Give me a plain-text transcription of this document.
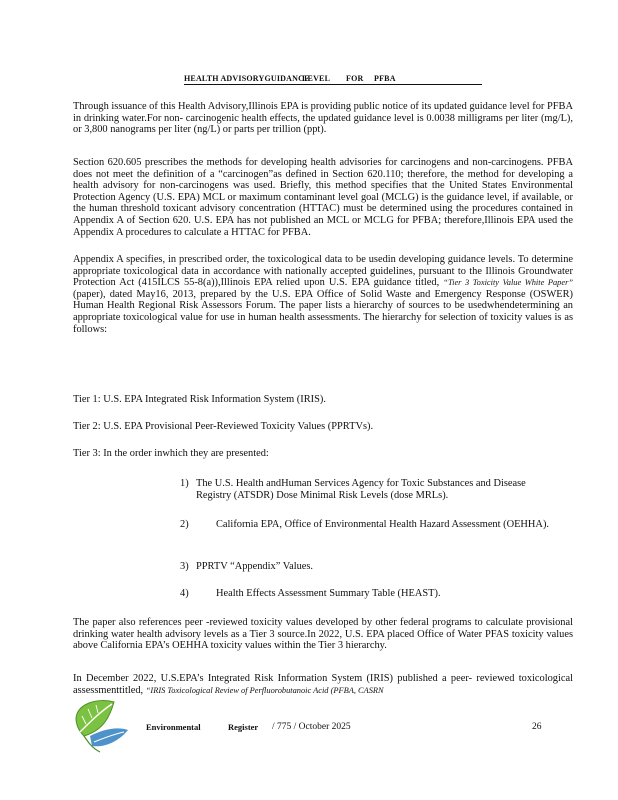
HEALTH ADVISORYGUIDANCELEVEL FOR PFBA

Through issuance of this Health Advisory,Illinois EPA is providing public notice of its updated guidance level for PFBA in drinking water.For non- carcinogenic health effects, the updated guidance level is 0.0038 milligrams per liter (mg/L), or 3,800 nanograms per liter (ng/L) or parts per trillion (ppt).

Section 620.605 prescribes the methods for developing health advisories for carcinogens and non-carcinogens. PFBA does not meet the definition of a “carcinogen”as defined in Section 620.110; therefore, the method for developing a health advisory for non-carcinogens was used. Briefly, this method specifies that the United States Environmental Protection Agency (U.S. EPA) MCL or maximum contaminant level goal (MCLG) is the guidance level, if available, or the human threshold toxicant advisory concentration (HTTAC) must be determined using the procedures contained in Appendix A of Section 620. U.S. EPA has not published an MCL or MCLG for PFBA; therefore,Illinois EPA used the Appendix A procedures to calculate a HTTAC for PFBA.

Appendix A specifies, in prescribed order, the toxicological data to be usedin developing guidance levels. To determine appropriate toxicological data in accordance with nationally accepted guidelines, pursuant to the Illinois Groundwater Protection Act (415ILCS 55-8(a)),Illinois EPA relied upon U.S. EPA guidance titled, “Tier 3 Toxicity Value White Paper” (paper), dated May16, 2013, prepared by the U.S. EPA Office of Solid Waste and Emergency Response (OSWER) Human Health Regional Risk Assessors Forum. The paper lists a hierarchy of sources to be usedwhendetermining an appropriate toxicological value for use in human health assessments. The hierarchy for selection of toxicity values is as follows:

Tier 1: U.S. EPA Integrated Risk Information System (IRIS).
Tier 2: U.S. EPA Provisional Peer-Reviewed Toxicity Values (PPRTVs).
Tier 3: In the order inwhich they are presented:
1) The U.S. Health andHuman Services Agency for Toxic Substances and Disease Registry (ATSDR) Dose Minimal Risk Levels (dose MRLs).
2)	California EPA, Office of Environmental Health Hazard Assessment (OEHHA).
3) PPRTV “Appendix” Values.
4)	Health Effects Assessment Summary Table (HEAST).

The paper also references peer -reviewed toxicity values developed by other federal programs to calculate provisional drinking water health advisory levels as a Tier 3 source.In 2022, U.S. EPA placed Office of Water PFAS toxicity values above California EPA’s OEHHA toxicity values within the Tier 3 hierarchy.

In December 2022, U.S.EPA’s Integrated Risk Information System (IRIS) published a peer- reviewed toxicological assessmenttitled, “IRIS Toxicological Review of Perfluorobutanoic Acid (PFBA, CASRN

Environmental	Register / 775 / October 2025	26
